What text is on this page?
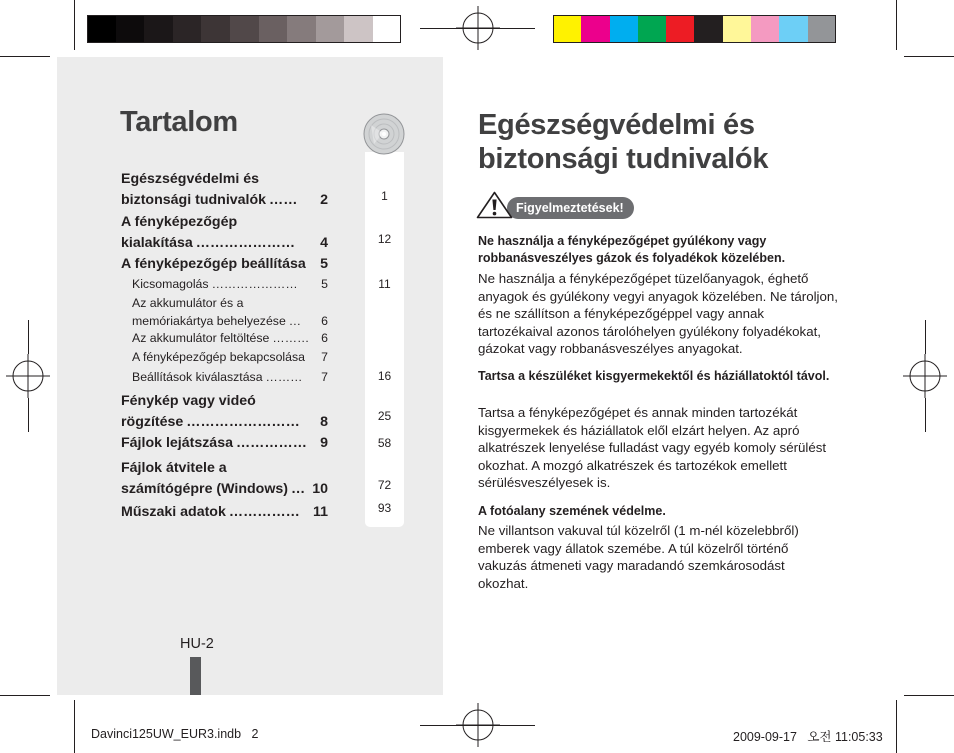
Tartalom
1
12
11
16
25
58
72
93
Egészségvédelmi és
biztonsági tudnivalók ……	2
A fényképezőgép
kialakítása …………………	4
A fényképezőgép beállítása 5
Kicsomagolás …………………	5
Az akkumulátor és a
memóriakártya behelyezése …	6
Az akkumulátor feltöltése ……… 6
A fényképezőgép bekapcsolása 7
Beállítások kiválasztása ………	7
Fénykép vagy videó
rögzítése ……………………	8
Fájlok lejátszása …………… 9
Fájlok átvitele a
számítógépre (Windows) … 10
Műszaki adatok …………… 11
HU-2
Egészségvédelmi és
biztonsági tudnivalók
Figyelmeztetések!
Ne használja a fényképezőgépet gyúlékony vagy robbanásveszélyes gázok és folyadékok közelében.
Ne használja a fényképezőgépet tüzelőanyagok, éghető anyagok és gyúlékony vegyi anyagok közelében. Ne tároljon, és ne szállítson a fényképezőgéppel vagy annak tartozékaival azonos tárolóhelyen gyúlékony folyadékokat, gázokat vagy robbanásveszélyes anyagokat.
Tartsa a készüléket kisgyermekektől és háziállatoktól távol.
Tartsa a fényképezőgépet és annak minden tartozékát kisgyermekek és háziállatok elől elzárt helyen. Az apró alkatrészek lenyelése fulladást vagy egyéb komoly sérülést okozhat. A mozgó alkatrészek és tartozékok emellett sérülésveszélyesek is.
A fotóalany szemének védelme.
Ne villantson vakuval túl közelről (1 m-nél közelebbről) emberek vagy állatok szemébe. A túl közelről történő vakuzás átmeneti vagy maradandó szemkárosodást okozhat.
Davinci125UW_EUR3.indb   2	2009-09-17   오전 11:05:33
